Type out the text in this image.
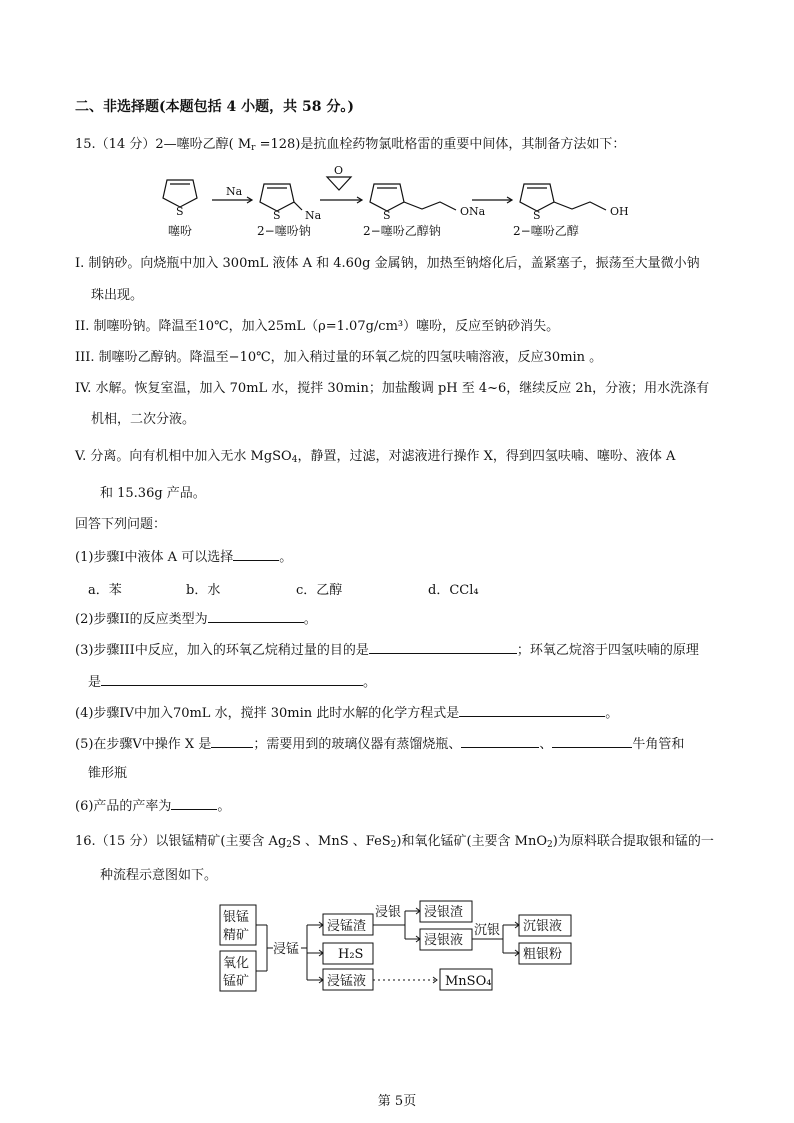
二、非选择题(本题包括 4 小题，共 58 分。)
15.（14 分）2—噻吩乙醇( $M_r =128$)是抗血栓药物氯吡格雷的重要中间体，其制备方法如下：
S
Na
S Na
O
S	ONa	S	OH
噻吩	2−噻吩钠	2−噻吩乙醇钠	2−噻吩乙醇
I. 制钠砂。向烧瓶中加入 300mL 液体 A 和 4.60g 金属钠，加热至钠熔化后，盖紧塞子，振荡至大量微小钠
珠出现。
II. 制噻吩钠。降温至10℃，加入25mL（ρ=1.07g/cm³）噻吩，反应至钠砂消失。
III. 制噻吩乙醇钠。降温至−10℃，加入稍过量的环氧乙烷的四氢呋喃溶液，反应30min 。
IV. 水解。恢复室温，加入 70mL 水，搅拌 30min；加盐酸调 pH 至 4~6，继续反应 2h，分液；用水洗涤有
机相，二次分液。
V. 分离。向有机相中加入无水 MgSO$_4$，静置，过滤，对滤液进行操作 X，得到四氢呋喃、噻吩、液体 A
和 15.36g 产品。
回答下列问题：
(1)步骤I中液体 A 可以选择	。
a．苯	b．水	c．乙醇	d．CCl₄
(2)步骤II的反应类型为	。
(3)步骤III中反应，加入的环氧乙烷稍过量的目的是	；环氧乙烷溶于四氢呋喃的原理
是	。
(4)步骤IV中加入70mL 水，搅拌 30min 此时水解的化学方程式是	。
(5)在步骤V中操作 X 是	；需要用到的玻璃仪器有蒸馏烧瓶、	、	牛角管和
锥形瓶
(6)产品的产率为	。
16.（15 分）以银锰精矿(主要含 $Ag_2S$ 、MnS 、FeS$_2$)和氧化锰矿(主要含 MnO$_2$)为原料联合提取银和锰的一
种流程示意图如下。
银锰
精矿
氧化
锰矿
浸锰
浸锰渣
H₂S
浸锰液
浸银 浸银渣
浸银液
沉银 沉银液
粗银粉
MnSO₄
第 5页
